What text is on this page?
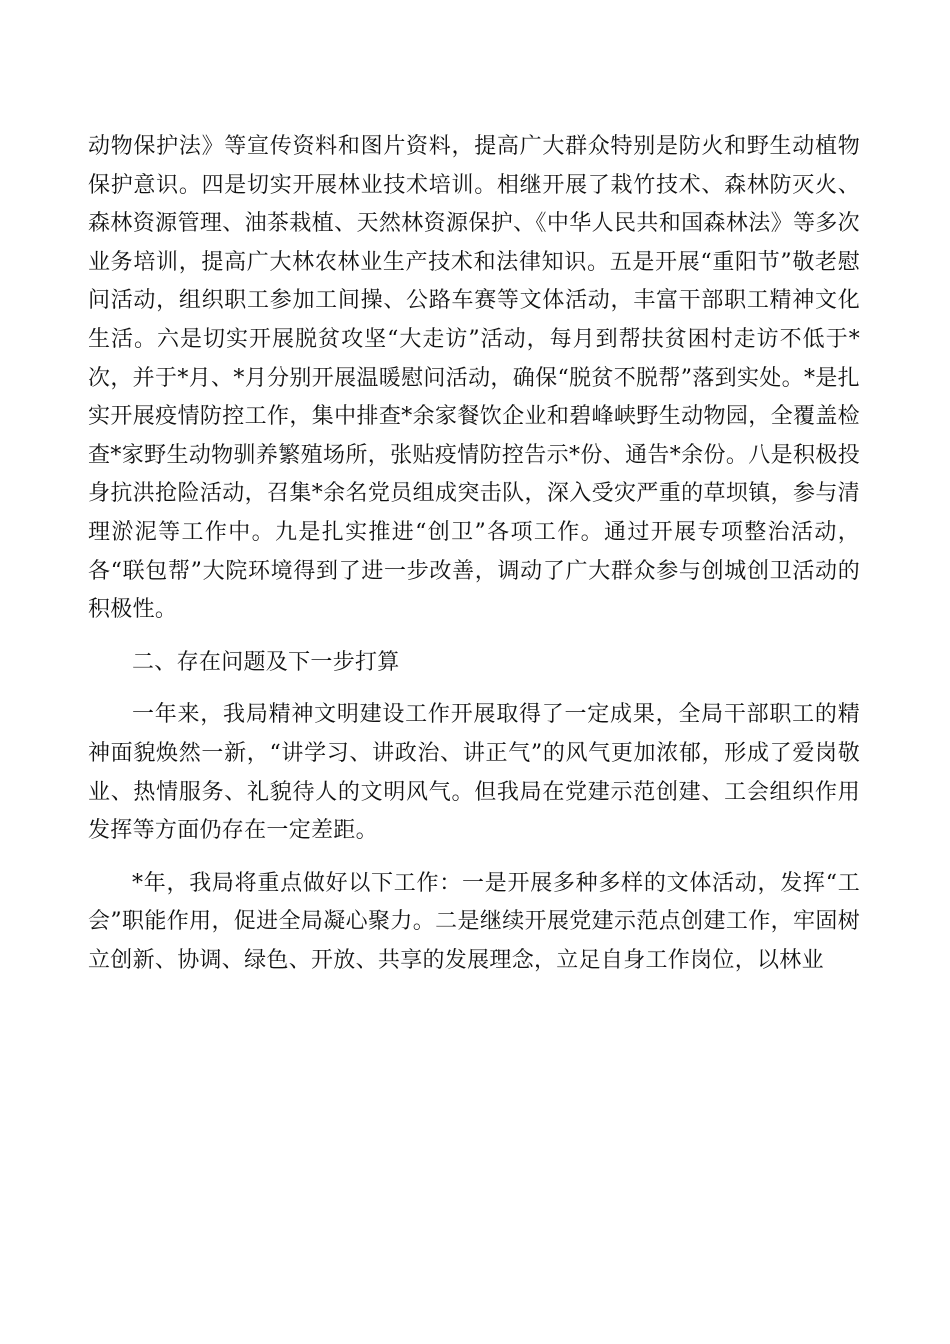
动物保护法》等宣传资料和图片资料，提高广大群众特别是防火和野生动植物保护意识。四是切实开展林业技术培训。相继开展了栽竹技术、森林防灭火、森林资源管理、油茶栽植、天然林资源保护、《中华人民共和国森林法》等多次业务培训，提高广大林农林业生产技术和法律知识。五是开展“重阳节”敬老慰问活动，组织职工参加工间操、公路车赛等文体活动，丰富干部职工精神文化生活。六是切实开展脱贫攻坚“大走访”活动，每月到帮扶贫困村走访不低于*次，并于*月、*月分别开展温暖慰问活动，确保“脱贫不脱帮”落到实处。*是扎实开展疫情防控工作，集中排查*余家餐饮企业和碧峰峡野生动物园，全覆盖检查*家野生动物驯养繁殖场所，张贴疫情防控告示*份、通告*余份。八是积极投身抗洪抢险活动，召集*余名党员组成突击队，深入受灾严重的草坝镇，参与清理淤泥等工作中。九是扎实推进“创卫”各项工作。通过开展专项整治活动，各“联包帮”大院环境得到了进一步改善，调动了广大群众参与创城创卫活动的积极性。

二、存在问题及下一步打算

一年来，我局精神文明建设工作开展取得了一定成果，全局干部职工的精神面貌焕然一新，“讲学习、讲政治、讲正气”的风气更加浓郁，形成了爱岗敬业、热情服务、礼貌待人的文明风气。但我局在党建示范创建、工会组织作用发挥等方面仍存在一定差距。

*年，我局将重点做好以下工作：一是开展多种多样的文体活动，发挥“工会”职能作用，促进全局凝心聚力。二是继续开展党建示范点创建工作，牢固树立创新、协调、绿色、开放、共享的发展理念，立足自身工作岗位，以林业
